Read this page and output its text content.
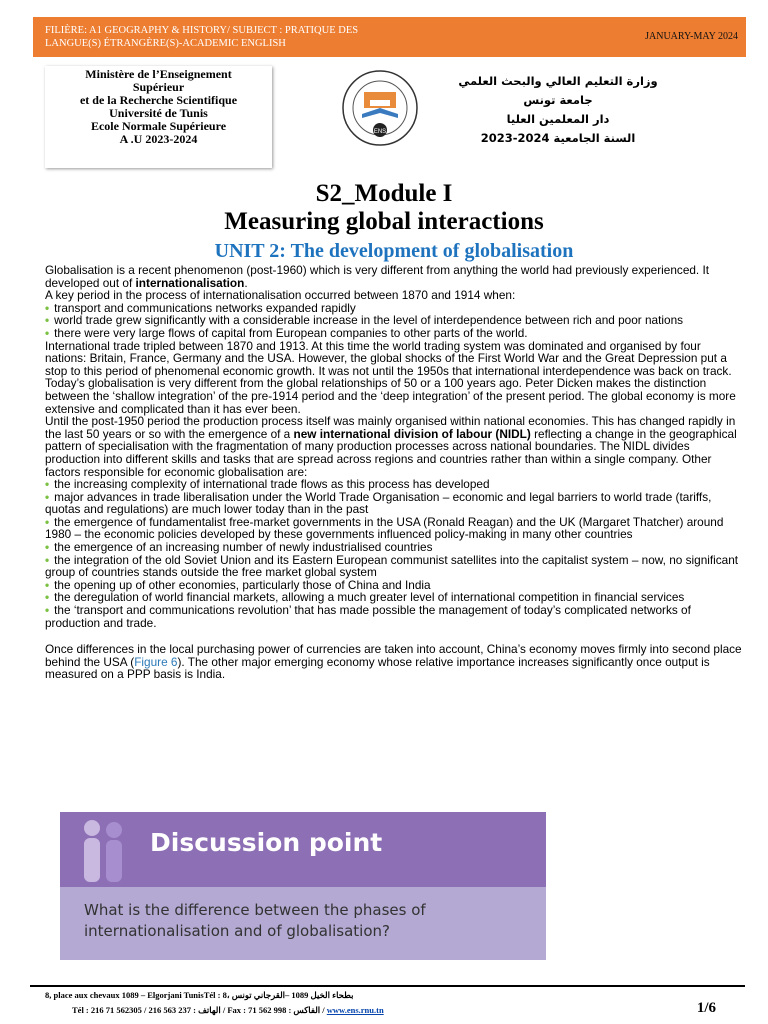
FILIÈRE: A1 GEOGRAPHY & HISTORY/ SUBJECT : PRATIQUE DES LANGUE(S) ÉTRANGÈRE(S)-ACADEMIC ENGLISH
JANUARY-MAY 2024
Ministère de l’Enseignement
Supérieur
et de la Recherche Scientifique
Université de Tunis
Ecole Normale Supérieure
A .U 2023-2024	ENS
وزارة التعليم العالي والبحث العلمي
جامعة تونس
دار المعلمين العليا
السنة الجامعية 2024-2023
S2_Module I
Measuring global interactions
UNIT 2: The development of globalisation

Globalisation is a recent phenomenon (post-1960) which is very different from anything the world had previously experienced. It developed out of internationalisation.

A key period in the process of internationalisation occurred between 1870 and 1914 when:

• transport and communications networks expanded rapidly

• world trade grew significantly with a considerable increase in the level of interdependence between rich and poor nations

• there were very large flows of capital from European companies to other parts of the world.

International trade tripled between 1870 and 1913. At this time the world trading system was dominated and organised by four nations: Britain, France, Germany and the USA. However, the global shocks of the First World War and the Great Depression put a stop to this period of phenomenal economic growth. It was not until the 1950s that international interdependence was back on track.

Today’s globalisation is very different from the global relationships of 50 or a 100 years ago. Peter Dicken makes the distinction between the ‘shallow integration’ of the pre-1914 period and the ‘deep integration’ of the present period. The global economy is more extensive and complicated than it has ever been.

Until the post-1950 period the production process itself was mainly organised within national economies. This has changed rapidly in the last 50 years or so with the emergence of a new international division of labour (NIDL) reflecting a change in the geographical pattern of specialisation with the fragmentation of many production processes across national boundaries. The NIDL divides production into different skills and tasks that are spread across regions and countries rather than within a single company. Other factors responsible for economic globalisation are:

• the increasing complexity of international trade flows as this process has developed

• major advances in trade liberalisation under the World Trade Organisation – economic and legal barriers to world trade (tariffs, quotas and regulations) are much lower today than in the past

• the emergence of fundamentalist free-market governments in the USA (Ronald Reagan) and the UK (Margaret Thatcher) around 1980 – the economic policies developed by these governments influenced policy-making in many other countries

• the emergence of an increasing number of newly industrialised countries

• the integration of the old Soviet Union and its Eastern European communist satellites into the capitalist system – now, no significant group of countries stands outside the free market global system

• the opening up of other economies, particularly those of China and India

• the deregulation of world financial markets, allowing a much greater level of international competition in financial services

• the ‘transport and communications revolution’ that has made possible the management of today’s complicated networks of production and trade.

Once differences in the local purchasing power of currencies are taken into account, China’s economy moves firmly into second place behind the USA (Figure 6). The other major emerging economy whose relative importance increases significantly once output is measured on a PPP basis is India.

Discussion point
What is the difference between the phases of internationalisation and of globalisation?
8, place aux chevaux 1089 – Elgorjani TunisTél : 8، بطحاء الخيل 1089 –القرجاني تونس
Tél : 216 71 562305 / 216 563 237 : الهاتف / Fax : 71 562 998 : الفاكس / www.ens.rnu.tn	1/6
